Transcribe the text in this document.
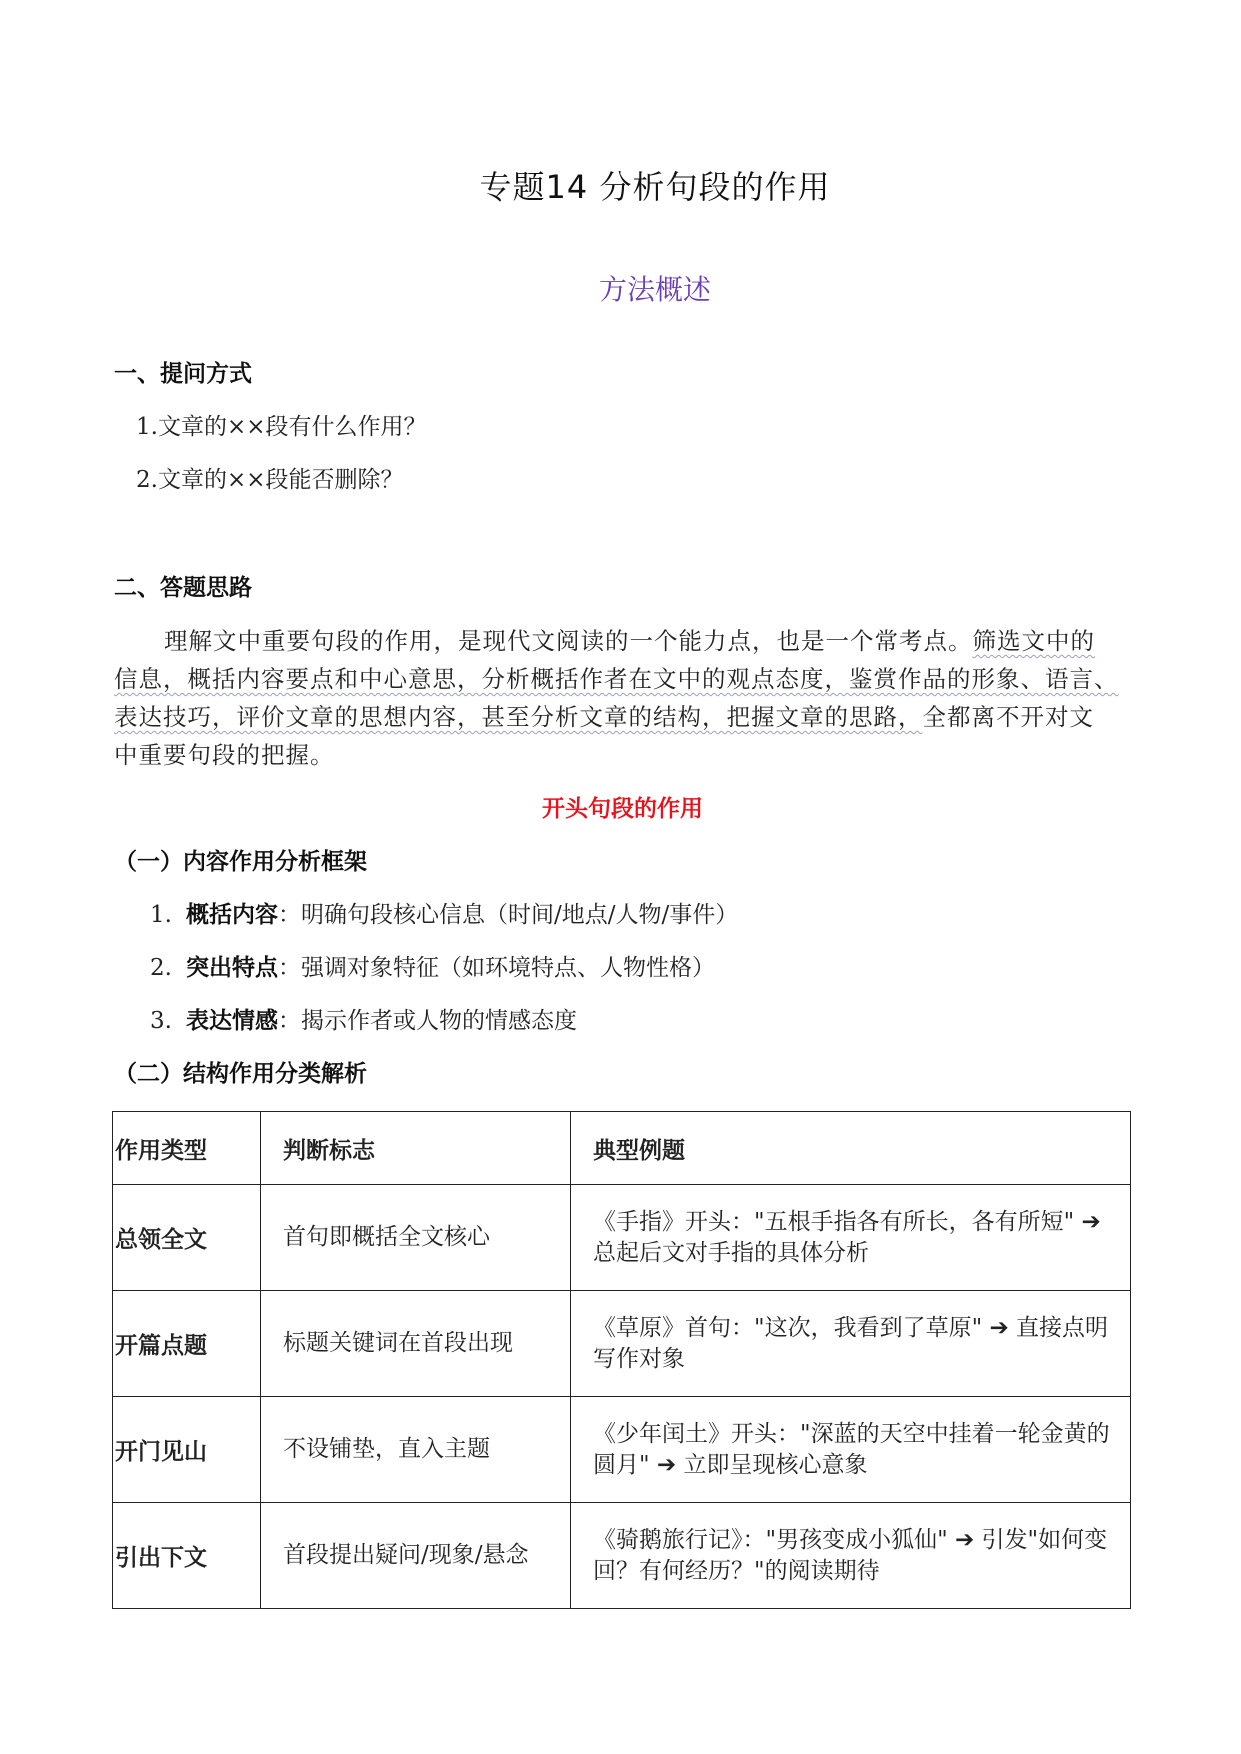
专题14 分析句段的作用
方法概述
一、提问方式
1.文章的××段有什么作用？
2.文章的××段能否删除？
二、答题思路
理解文中重要句段的作用，是现代文阅读的一个能力点，也是一个常考点。筛选文中的
信息，概括内容要点和中心意思，分析概括作者在文中的观点态度，鉴赏作品的形象、语言、
表达技巧，评价文章的思想内容，甚至分析文章的结构，把握文章的思路，全都离不开对文
中重要句段的把握。
开头句段的作用
（一）内容作用分析框架
1. 概括内容：明确句段核心信息（时间/地点/人物/事件）
2. 突出特点：强调对象特征（如环境特点、人物性格）
3. 表达情感：揭示作者或人物的情感态度
（二）结构作用分类解析
作用类型	判断标志	典型例题
总领全文	首句即概括全文核心	《手指》开头："五根手指各有所长，各有所短" ➔ 总起后文对手指的具体分析
开篇点题	标题关键词在首段出现	《草原》首句："这次，我看到了草原" ➔ 直接点明写作对象
开门见山	不设铺垫，直入主题	《少年闰土》开头："深蓝的天空中挂着一轮金黄的圆月" ➔ 立即呈现核心意象
引出下文	首段提出疑问/现象/悬念	《骑鹅旅行记》："男孩变成小狐仙" ➔ 引发"如何变回？有何经历？"的阅读期待
